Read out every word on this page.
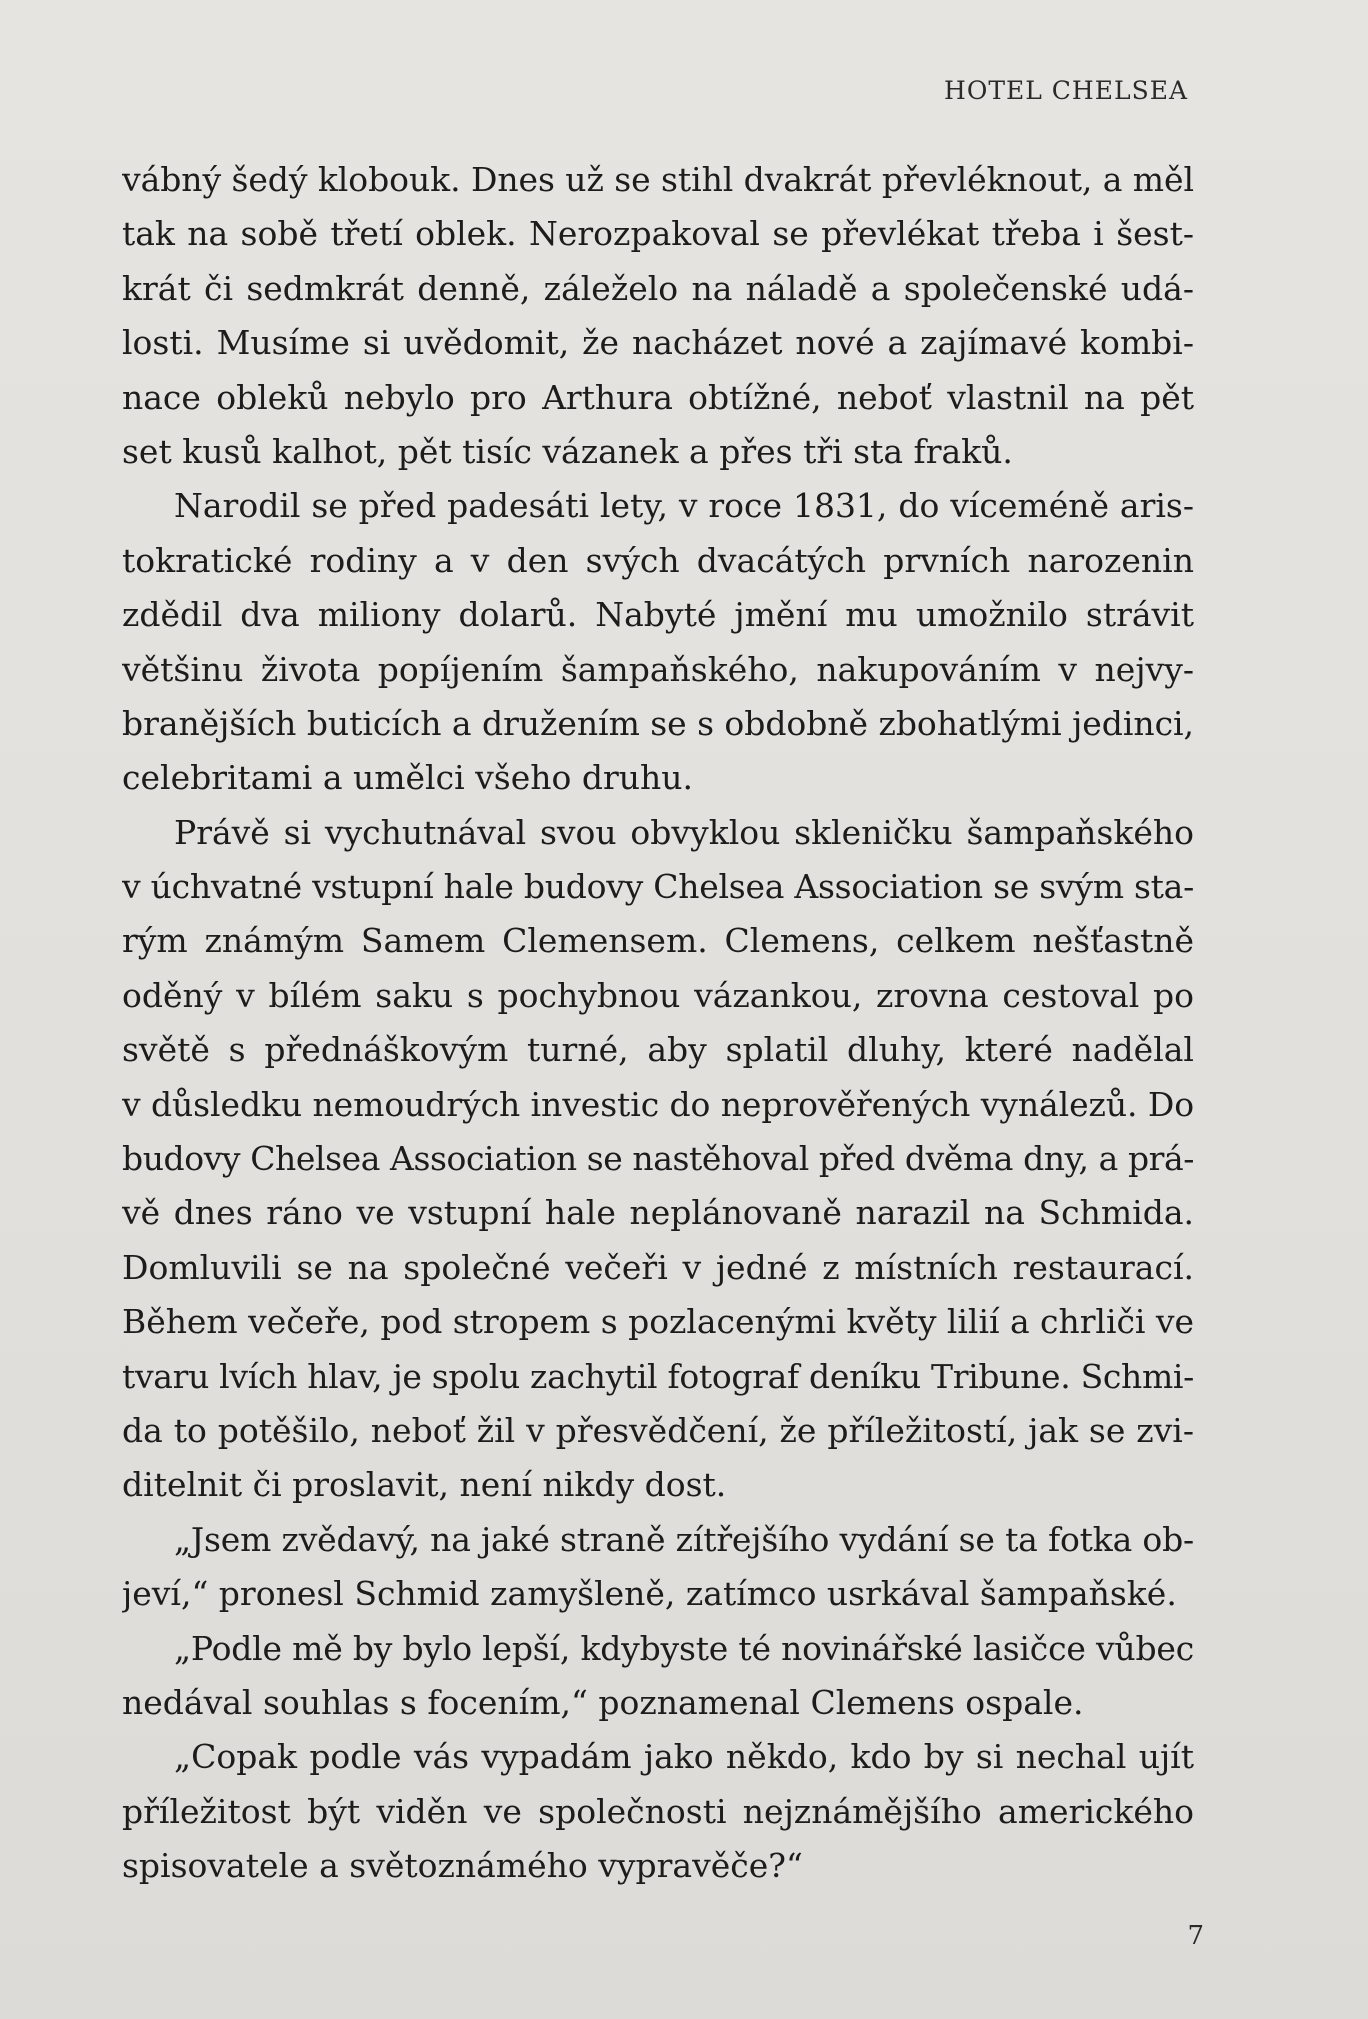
HOTEL CHELSEA
vábný šedý klobouk. Dnes už se stihl dvakrát převléknout, a měl
tak na sobě třetí oblek. Nerozpakoval se převlékat třeba i šest-
krát či sedmkrát denně, záleželo na náladě a společenské udá-
losti. Musíme si uvědomit, že nacházet nové a zajímavé kombi-
nace obleků nebylo pro Arthura obtížné, neboť vlastnil na pět
set kusů kalhot, pět tisíc vázanek a přes tři sta fraků.
Narodil se před padesáti lety, v roce 1831, do víceméně aris-
tokratické rodiny a v den svých dvacátých prvních narozenin
zdědil dva miliony dolarů. Nabyté jmění mu umožnilo strávit
většinu života popíjením šampaňského, nakupováním v nejvy-
branějších buticích a družením se s obdobně zbohatlými jedinci,
celebritami a umělci všeho druhu.
Právě si vychutnával svou obvyklou skleničku šampaňského
v úchvatné vstupní hale budovy Chelsea Association se svým sta-
rým známým Samem Clemensem. Clemens, celkem nešťastně
oděný v bílém saku s pochybnou vázankou, zrovna cestoval po
světě s přednáškovým turné, aby splatil dluhy, které nadělal
v důsledku nemoudrých investic do neprověřených vynálezů. Do
budovy Chelsea Association se nastěhoval před dvěma dny, a prá-
vě dnes ráno ve vstupní hale neplánovaně narazil na Schmida.
Domluvili se na společné večeři v jedné z místních restaurací.
Během večeře, pod stropem s pozlacenými květy lilií a chrliči ve
tvaru lvích hlav, je spolu zachytil fotograf deníku Tribune. Schmi-
da to potěšilo, neboť žil v přesvědčení, že příležitostí, jak se zvi-
ditelnit či proslavit, není nikdy dost.
„Jsem zvědavý, na jaké straně zítřejšího vydání se ta fotka ob-
jeví,“ pronesl Schmid zamyšleně, zatímco usrkával šampaňské.
„Podle mě by bylo lepší, kdybyste té novinářské lasičce vůbec
nedával souhlas s focením,“ poznamenal Clemens ospale.
„Copak podle vás vypadám jako někdo, kdo by si nechal ujít
příležitost být viděn ve společnosti nejznámějšího amerického
spisovatele a světoznámého vypravěče?“
7
